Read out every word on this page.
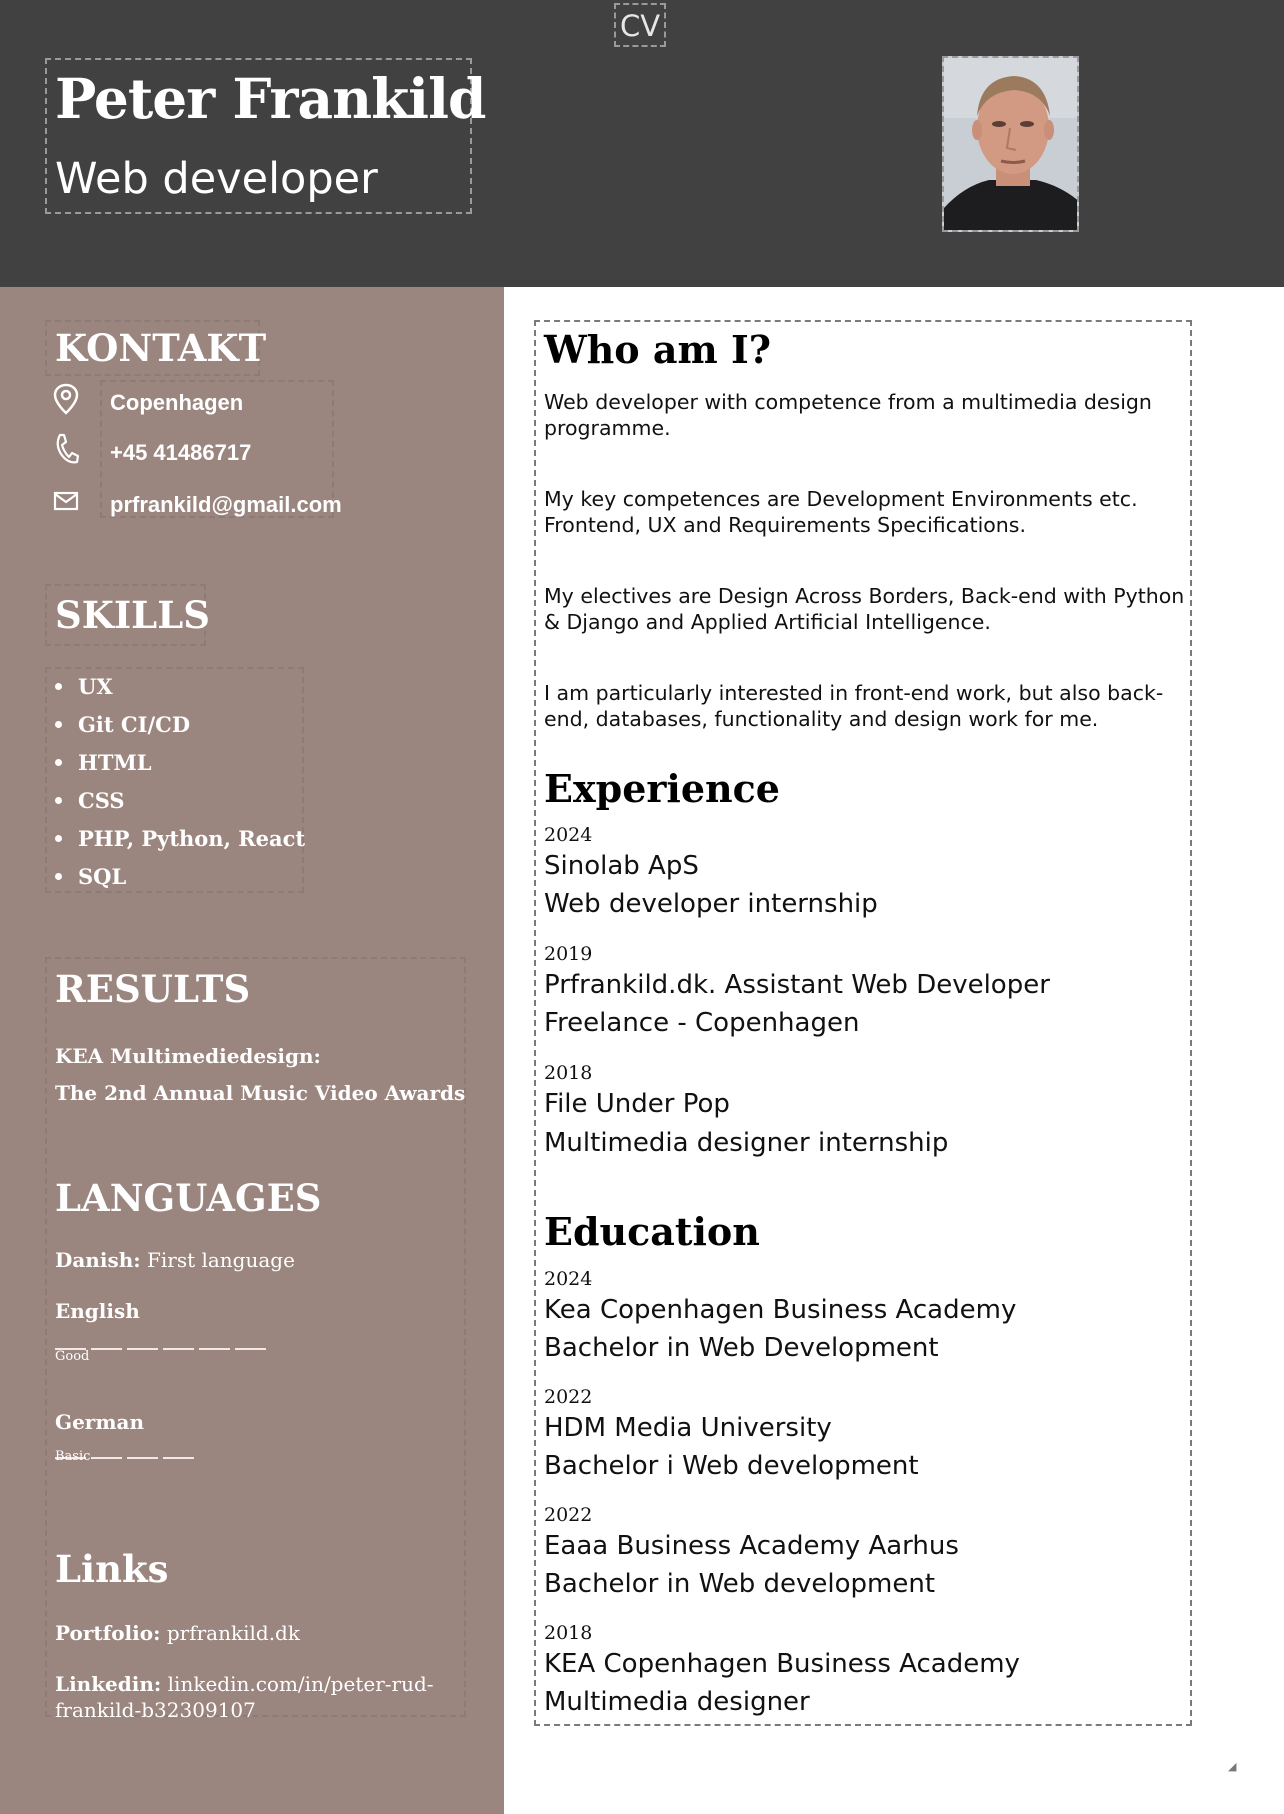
CV
Peter Frankild
Web developer
KONTAKT
Copenhagen
+45 41486717
prfrankild@gmail.com
SKILLS
UX
Git CI/CD
HTML
CSS
PHP, Python, React
SQL
RESULTS
KEA Multimediedesign:
The 2nd Annual Music Video Awards
LANGUAGES
Danish: First language
English
Good
German
Basic
Links
Portfolio: prfrankild.dk
Linkedin: linkedin.com/in/peter-rud-
frankild-b32309107
Who am I?
Web developer with competence from a multimedia design programme.
My key competences are Development Environments etc. Frontend, UX and Requirements Specifications.
My electives are Design Across Borders, Back-end with Python & Django and Applied Artificial Intelligence.
I am particularly interested in front-end work, but also back-end, databases, functionality and design work for me.
Experience
2024
Sinolab ApS
Web developer internship
2019
Prfrankild.dk. Assistant Web Developer
Freelance - Copenhagen
2018
File Under Pop
Multimedia designer internship
Education
2024
Kea Copenhagen Business Academy
Bachelor in Web Development
2022
HDM Media University
Bachelor i Web development
2022
Eaaa Business Academy Aarhus
Bachelor in Web development
2018
KEA Copenhagen Business Academy
Multimedia designer
◢
